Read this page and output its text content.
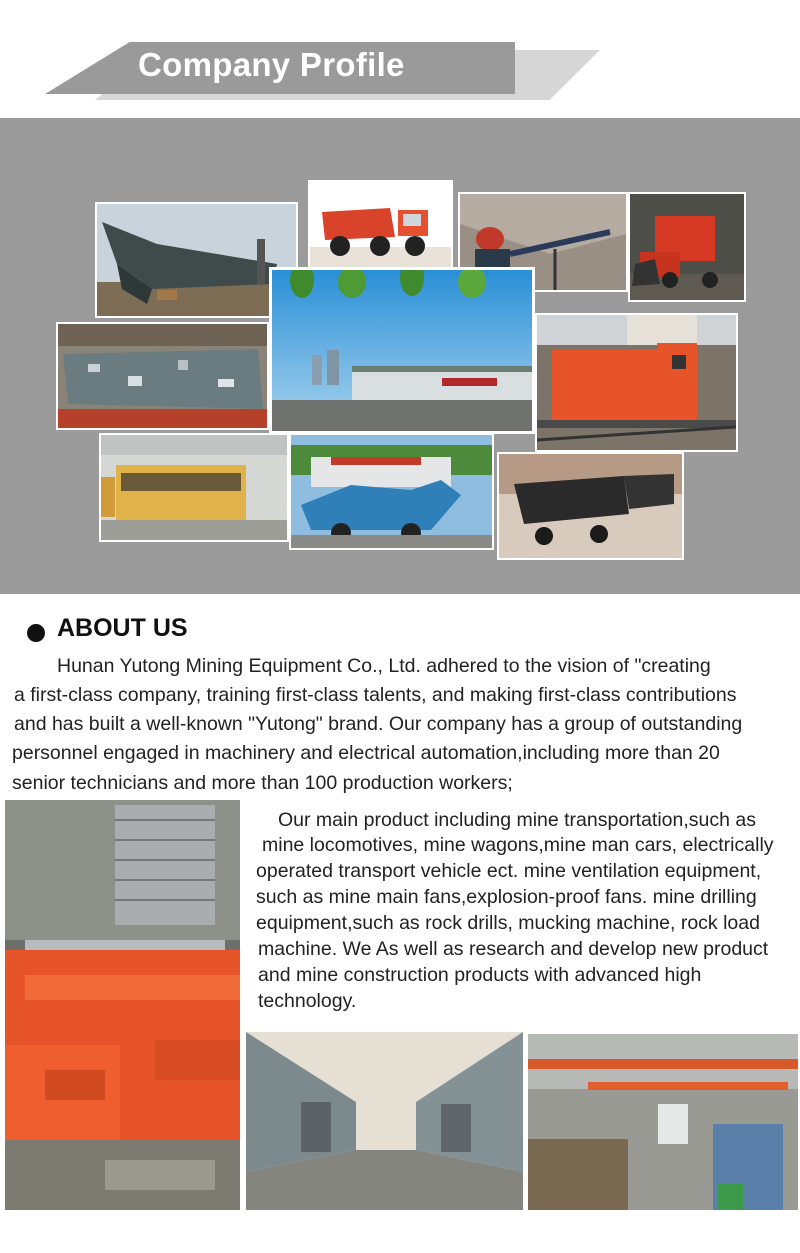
Company Profile
ABOUT US
Hunan Yutong Mining Equipment Co., Ltd. adhered to the vision of "creating
a first-class company, training first-class talents, and making first-class contributions
and has built a well-known "Yutong" brand. Our company has a group of outstanding
personnel engaged in machinery and electrical automation,including more than 20
senior technicians and more than 100 production workers;
Our main product including mine transportation,such as
mine locomotives, mine wagons,mine man cars, electrically
operated transport vehicle ect. mine ventilation equipment,
such as mine main fans,explosion-proof fans. mine drilling
equipment,such as rock drills, mucking machine, rock load
machine. We As well as research and develop new product
and mine construction products with advanced high
technology.
